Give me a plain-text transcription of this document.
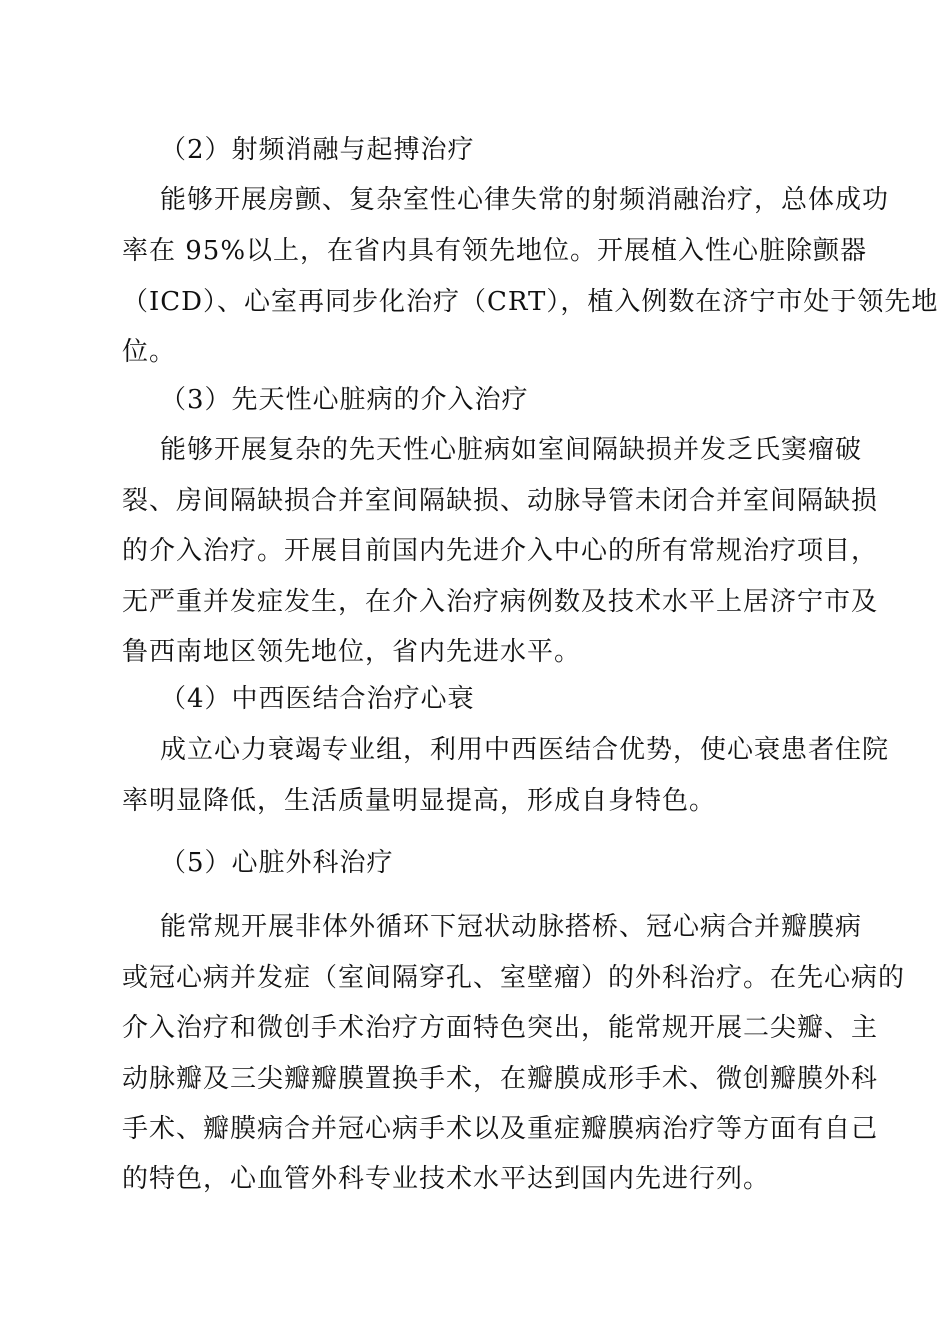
（2）射频消融与起搏治疗
能够开展房颤、复杂室性心律失常的射频消融治疗，总体成功
率在 95%以上，在省内具有领先地位。开展植入性心脏除颤器
（ICD）、心室再同步化治疗（CRT），植入例数在济宁市处于领先地
位。
（3）先天性心脏病的介入治疗
能够开展复杂的先天性心脏病如室间隔缺损并发乏氏窦瘤破
裂、房间隔缺损合并室间隔缺损、动脉导管未闭合并室间隔缺损
的介入治疗。开展目前国内先进介入中心的所有常规治疗项目，
无严重并发症发生，在介入治疗病例数及技术水平上居济宁市及
鲁西南地区领先地位，省内先进水平。
（4）中西医结合治疗心衰
成立心力衰竭专业组，利用中西医结合优势，使心衰患者住院
率明显降低，生活质量明显提高，形成自身特色。
（5）心脏外科治疗
能常规开展非体外循环下冠状动脉搭桥、冠心病合并瓣膜病
或冠心病并发症（室间隔穿孔、室壁瘤）的外科治疗。在先心病的
介入治疗和微创手术治疗方面特色突出，能常规开展二尖瓣、主
动脉瓣及三尖瓣瓣膜置换手术，在瓣膜成形手术、微创瓣膜外科
手术、瓣膜病合并冠心病手术以及重症瓣膜病治疗等方面有自己
的特色，心血管外科专业技术水平达到国内先进行列。
